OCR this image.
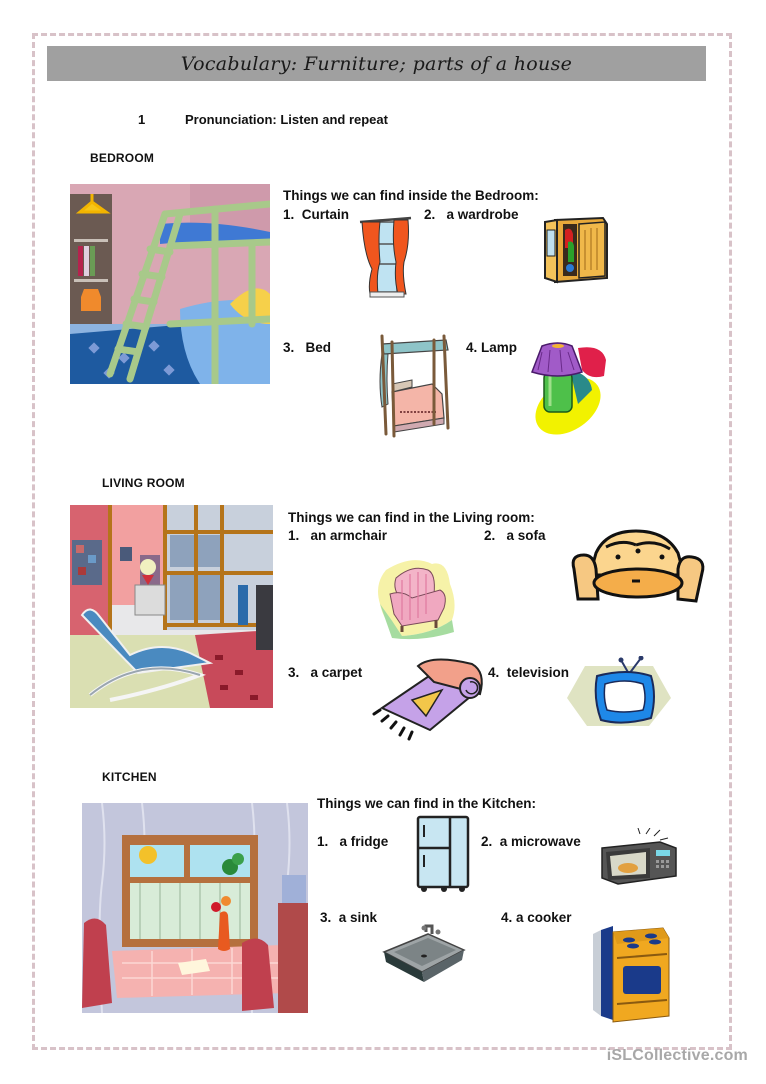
Vocabulary: Furniture; parts of a house
1	Pronunciation: Listen and repeat
BEDROOM
Things we can find inside the Bedroom:
1.  Curtain	2.   a wardrobe
3.   Bed	4. Lamp
LIVING ROOM
Things we can find in the Living room:
1.   an armchair	2.   a sofa
3.   a carpet	4.  television
KITCHEN
Things we can find in the Kitchen:
1.   a fridge	2.  a microwave
3.  a sink	4. a cooker
iSLCollective.com
